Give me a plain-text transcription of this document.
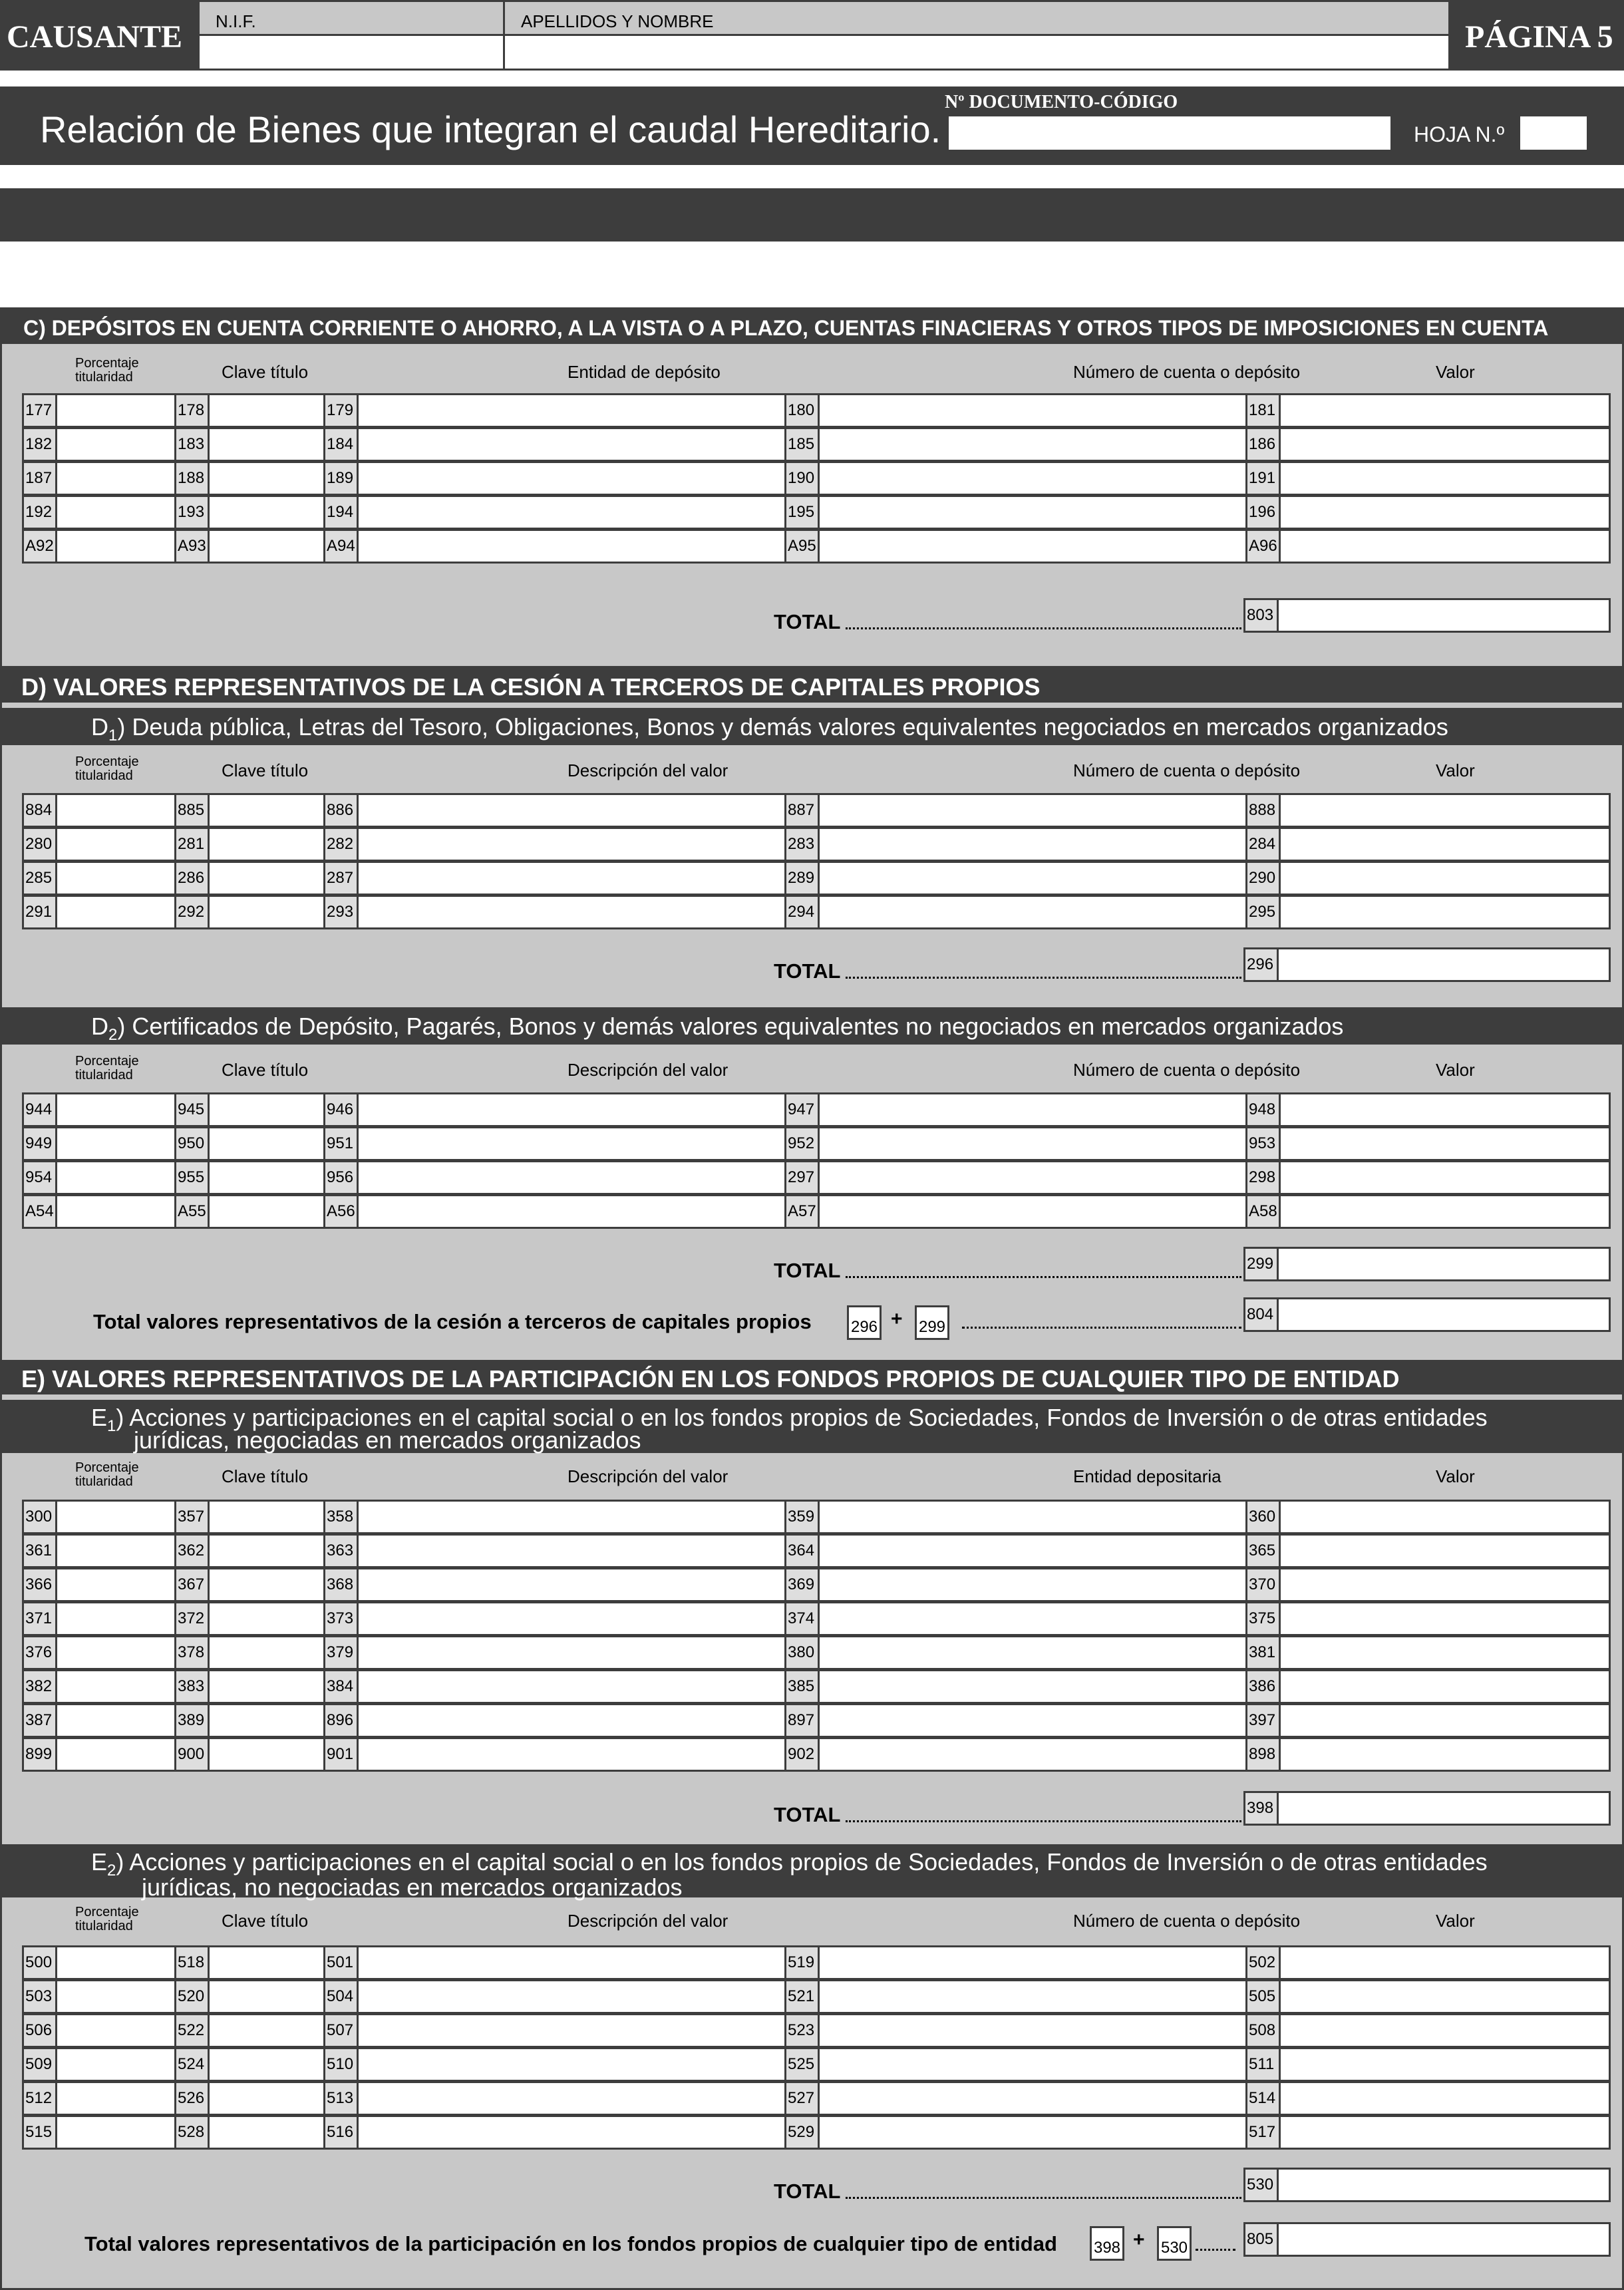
CAUSANTE N.I.F.	APELLIDOS Y NOMBRE	PÁGINA 5
Relación de Bienes que integran el caudal Hereditario.
Nº DOCUMENTO-CÓDIGO
HOJA N.º
C) DEPÓSITOS EN CUENTA CORRIENTE O AHORRO, A LA VISTA O A PLAZO, CUENTAS FINACIERAS Y OTROS TIPOS DE IMPOSICIONES EN CUENTA
Porcentaje titularidad	Clave título	Entidad de depósito	Número de cuenta o depósito	Valor
177	178	179	180	181
182	183	184	185	186
187	188	189	190	191
192	193	194	195	196
A92	A93	A94	A95	A96
TOTAL	803
D) VALORES REPRESENTATIVOS DE LA CESIÓN A TERCEROS DE CAPITALES PROPIOS
$D_1$) Deuda pública, Letras del Tesoro, Obligaciones, Bonos y demás valores equivalentes negociados en mercados organizados
Porcentaje titularidad	Clave título	Descripción del valor	Número de cuenta o depósito	Valor
884	885	886	887	888
280	281	282	283	284
285	286	287	289	290
291	292	293	294	295
TOTAL	296
$D_2$) Certificados de Depósito, Pagarés, Bonos y demás valores equivalentes no negociados en mercados organizados
Porcentaje titularidad	Clave título	Descripción del valor	Número de cuenta o depósito	Valor
944	945	946	947	948
949	950	951	952	953
954	955	956	297	298
A54	A55	A56	A57	A58
TOTAL	299
Total valores representativos de la cesión a terceros de capitales propios 296 + 299
804
E) VALORES REPRESENTATIVOS DE LA PARTICIPACIÓN EN LOS FONDOS PROPIOS DE CUALQUIER TIPO DE ENTIDAD
$E_1$) Acciones y participaciones en el capital social o en los fondos propios de Sociedades, Fondos de Inversión o de otras entidades
jurídicas, negociadas en mercados organizados
Porcentaje titularidad	Clave título	Descripción del valor	Entidad depositaria	Valor
300	357	358	359	360
361	362	363	364	365
366	367	368	369	370
371	372	373	374	375
376	378	379	380	381
382	383	384	385	386
387	389	896	897	397
899	900	901	902	898
TOTAL	398
$E_2$) Acciones y participaciones en el capital social o en los fondos propios de Sociedades, Fondos de Inversión o de otras entidades
jurídicas, no negociadas en mercados organizados
Porcentaje titularidad	Clave título	Descripción del valor	Número de cuenta o depósito	Valor
500	518	501	519	502
503	520	504	521	505
506	522	507	523	508
509	524	510	525	511
512	526	513	527	514
515	528	516	529	517
TOTAL	530
Total valores representativos de la participación en los fondos propios de cualquier tipo de entidad 398 + 530	805
